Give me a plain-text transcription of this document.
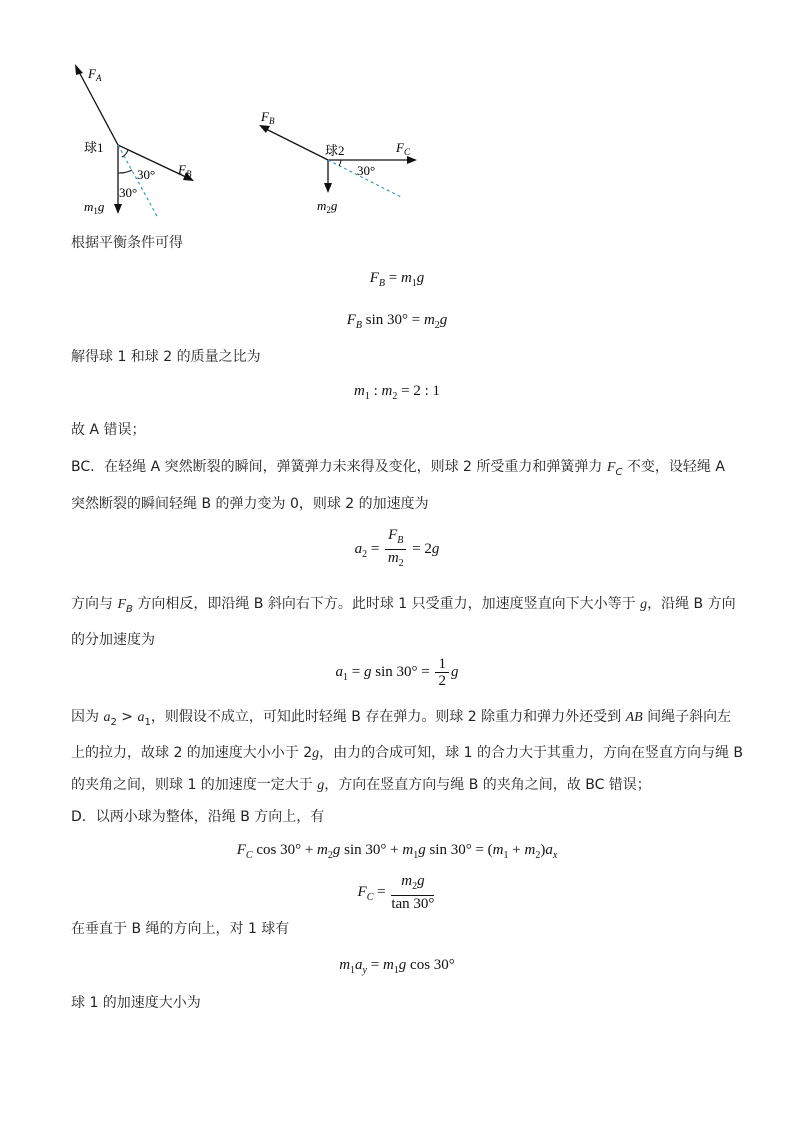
$F_A$
球1
$F_B$
30°
30°
$m_1g$
$F_B$
球2	$F_C$
30°
$m_2g$
根据平衡条件可得
$F_B = m_1g$
$F_B$ $\sin 30^\circ = m_2g$
解得球 1 和球 2 的质量之比为
$m_1$ : $m_2 = 2$ : 1
故 A 错误；
BC．在轻绳 A 突然断裂的瞬间，弹簧弹力未来得及变化，则球 2 所受重力和弹簧弹力 $F_C$ 不变，设轻绳 A
突然断裂的瞬间轻绳 B 的弹力变为 0，则球 2 的加速度为
$a_2 = \frac{F_B}{m_2} = 2g$
方向与 $F_B$ 方向相反，即沿绳 B 斜向右下方。此时球 1 只受重力，加速度竖直向下大小等于 g，沿绳 B 方向
的分加速度为
$a_1 = g$ $\sin 30^\circ = \frac{1}{2}$ g
因为 $a_2 > a_1$，则假设不成立，可知此时轻绳 B 存在弹力。则球 2 除重力和弹力外还受到 AB 间绳子斜向左
上的拉力，故球 2 的加速度大小小于 2g，由力的合成可知，球 1 的合力大于其重力，方向在竖直方向与绳 B
的夹角之间，则球 1 的加速度一定大于 g，方向在竖直方向与绳 B 的夹角之间，故 BC 错误；
D．以两小球为整体，沿绳 B 方向上，有
$F_C$ $\cos 30^\circ + m_2g$ $\sin 30^\circ + m_1g$ $\sin 30^\circ = (m_1 + m_2)a_x$
$F_C = \frac{m_2g}{\tan 30^\circ}$
在垂直于 B 绳的方向上，对 1 球有
$m_1a_y = m_1g$ cos 30°
球 1 的加速度大小为
